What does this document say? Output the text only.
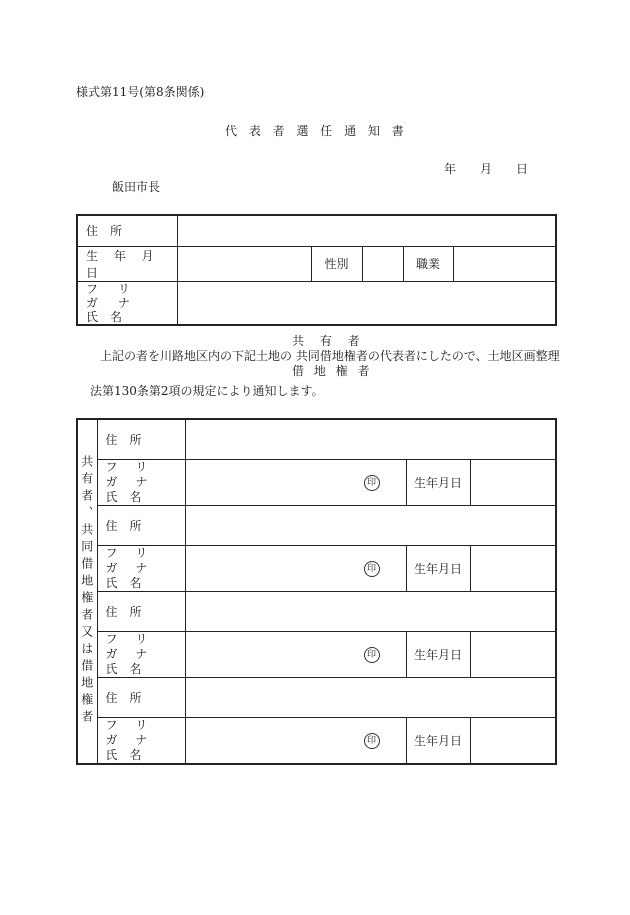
様式第11号(第8条関係)
代 表 者 選 任 通 知 書
年 月 日
飯田市長
住　所					

生 年 月 日		性別		職業	

フ リ ガ ナ
氏　名					

共 有 者
上記の者を川路地区内の下記土地の 共同借地権者の代表者にしたので、土地区画整理
借 地 権 者
法第130条第2項の規定により通知します。
共有者、共同借地権者又は借地権者	住　所			

	フ リ ガ ナ
氏　名	印	生年月日	

	住　所			

	フ リ ガ ナ
氏　名	印	生年月日	

	住　所			

	フ リ ガ ナ
氏　名	印	生年月日	

	住　所			

	フ リ ガ ナ
氏　名	印	生年月日	
